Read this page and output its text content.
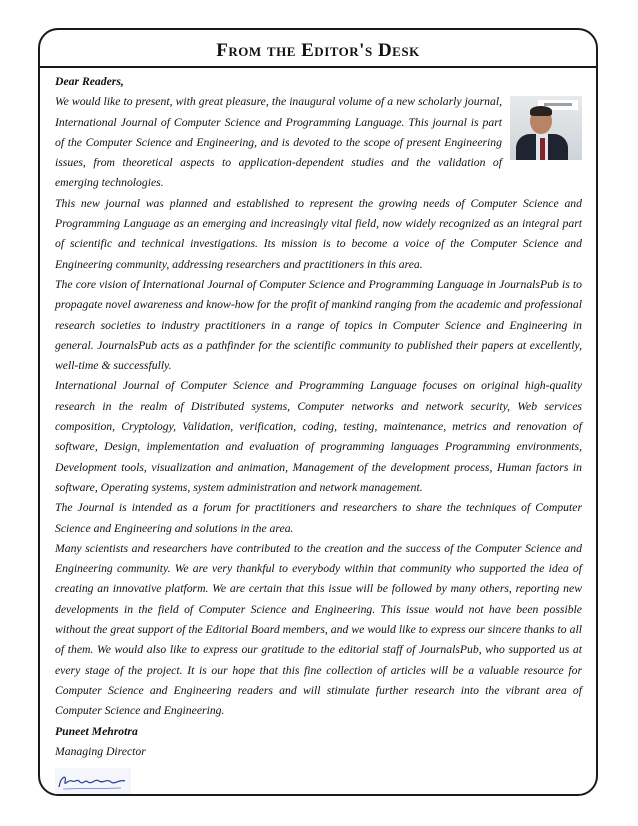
From the Editor's Desk

Dear Readers,

We would like to present, with great pleasure, the inaugural volume of a new scholarly journal, International Journal of Computer Science and Programming Language. This journal is part of the Computer Science and Engineering, and is devoted to the scope of present Engineering issues, from theoretical aspects to application-dependent studies and the validation of emerging technologies.

This new journal was planned and established to represent the growing needs of Computer Science and Programming Language as an emerging and increasingly vital field, now widely recognized as an integral part of scientific and technical investigations. Its mission is to become a voice of the Computer Science and Engineering community, addressing researchers and practitioners in this area.

The core vision of International Journal of Computer Science and Programming Language in JournalsPub is to propagate novel awareness and know-how for the profit of mankind ranging from the academic and professional research societies to industry practitioners in a range of topics in Computer Science and Engineering in general. JournalsPub acts as a pathfinder for the scientific community to published their papers at excellently, well-time & successfully.

International Journal of Computer Science and Programming Language focuses on original high-quality research in the realm of Distributed systems, Computer networks and network security, Web services composition, Cryptology, Validation, verification, coding, testing, maintenance, metrics and renovation of software, Design, implementation and evaluation of programming languages Programming environments, Development tools, visualization and animation, Management of the development process, Human factors in software, Operating systems, system administration and network management.

The Journal is intended as a forum for practitioners and researchers to share the techniques of Computer Science and Engineering and solutions in the area.

Many scientists and researchers have contributed to the creation and the success of the Computer Science and Engineering community. We are very thankful to everybody within that community who supported the idea of creating an innovative platform. We are certain that this issue will be followed by many others, reporting new developments in the field of Computer Science and Engineering. This issue would not have been possible without the great support of the Editorial Board members, and we would like to express our sincere thanks to all of them. We would also like to express our gratitude to the editorial staff of JournalsPub, who supported us at every stage of the project. It is our hope that this fine collection of articles will be a valuable resource for Computer Science and Engineering readers and will stimulate further research into the vibrant area of Computer Science and Engineering.

Puneet Mehrotra

Managing Director
